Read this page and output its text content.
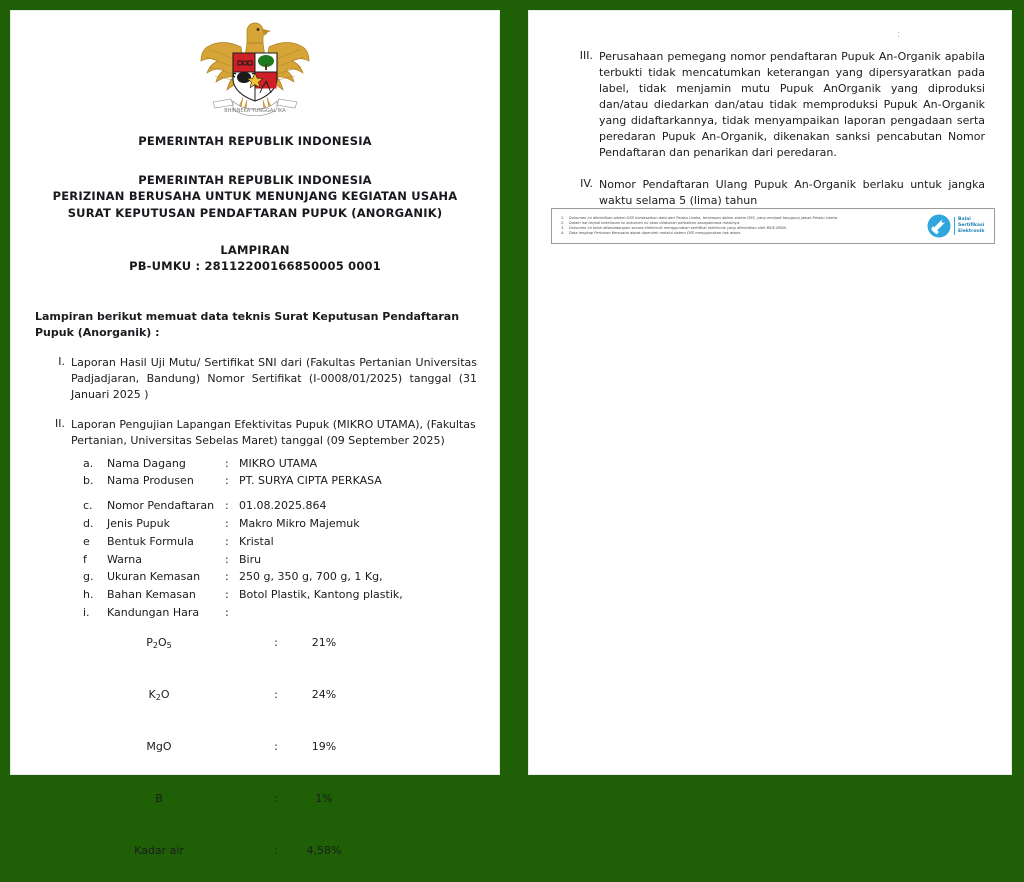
BHINNEKA TUNGGAL IKA
PEMERINTAH REPUBLIK INDONESIA
PEMERINTAH REPUBLIK INDONESIA
PERIZINAN BERUSAHA UNTUK MENUNJANG KEGIATAN USAHA
SURAT KEPUTUSAN PENDAFTARAN PUPUK (ANORGANIK)
LAMPIRAN
PB-UMKU : 28112200166850005 0001
Lampiran berikut memuat data teknis Surat Keputusan Pendaftaran Pupuk (Anorganik) :
I. Laporan Hasil Uji Mutu/ Sertifikat SNI dari (Fakultas Pertanian Universitas Padjadjaran, Bandung) Nomor Sertifikat (I-0008/01/2025) tanggal (31 Januari 2025 )
II. Laporan Pengujian Lapangan Efektivitas Pupuk (MIKRO UTAMA), (Fakultas Pertanian, Universitas Sebelas Maret) tanggal (09 September 2025)
a.	Nama Dagang	: MIKRO UTAMA
b.	Nama Produsen	: PT. SURYA CIPTA PERKASA
c.	Nomor Pendaftaran : 01.08.2025.864
d.	Jenis Pupuk	: Makro Mikro Majemuk
e	Bentuk Formula	: Kristal
f	Warna	: Biru
g.	Ukuran Kemasan	: 250 g, 350 g, 700 g, 1 Kg,
h.	Bahan Kemasan	: Botol Plastik, Kantong plastik,
i.	Kandungan Hara	:
$P_2O_5$	:	21%
$K_2O$	:	24%
MgO	:	19%
B	:	1%
Kadar air	:	4,58%
:
III. Perusahaan pemegang nomor pendaftaran Pupuk An-Organik apabila terbukti tidak mencatumkan keterangan yang dipersyaratkan pada label, tidak menjamin mutu Pupuk AnOrganik yang diproduksi dan/atau diedarkan dan/atau tidak memproduksi Pupuk An-Organik yang didaftarkannya, tidak menyampaikan laporan pengadaan serta peredaran Pupuk An-Organik, dikenakan sanksi pencabutan Nomor Pendaftaran dan penarikan dari peredaran.
IV. Nomor Pendaftaran Ulang Pupuk An-Organik berlaku untuk jangka waktu selama 5 (lima) tahun
1.	Dokumen ini diterbitkan sistem OSS berdasarkan data dari Pelaku Usaha, tersimpan dalam sistem OSS, yang menjadi tanggung jawab Pelaku Usaha.
2.	Dalam hal terjadi kekeliruan isi dokumen ini akan dilakukan perbaikan sebagaimana mestinya.
3.	Dokumen ini telah ditandatangani secara elektronik menggunakan sertifikat elektronik yang diterbitkan oleh BSrE-BSSN.
4.	Data lengkap Perizinan Berusaha dapat diperoleh melalui sistem OSS menggunakan hak akses.
Balai
Sertifikasi
Elektronik
